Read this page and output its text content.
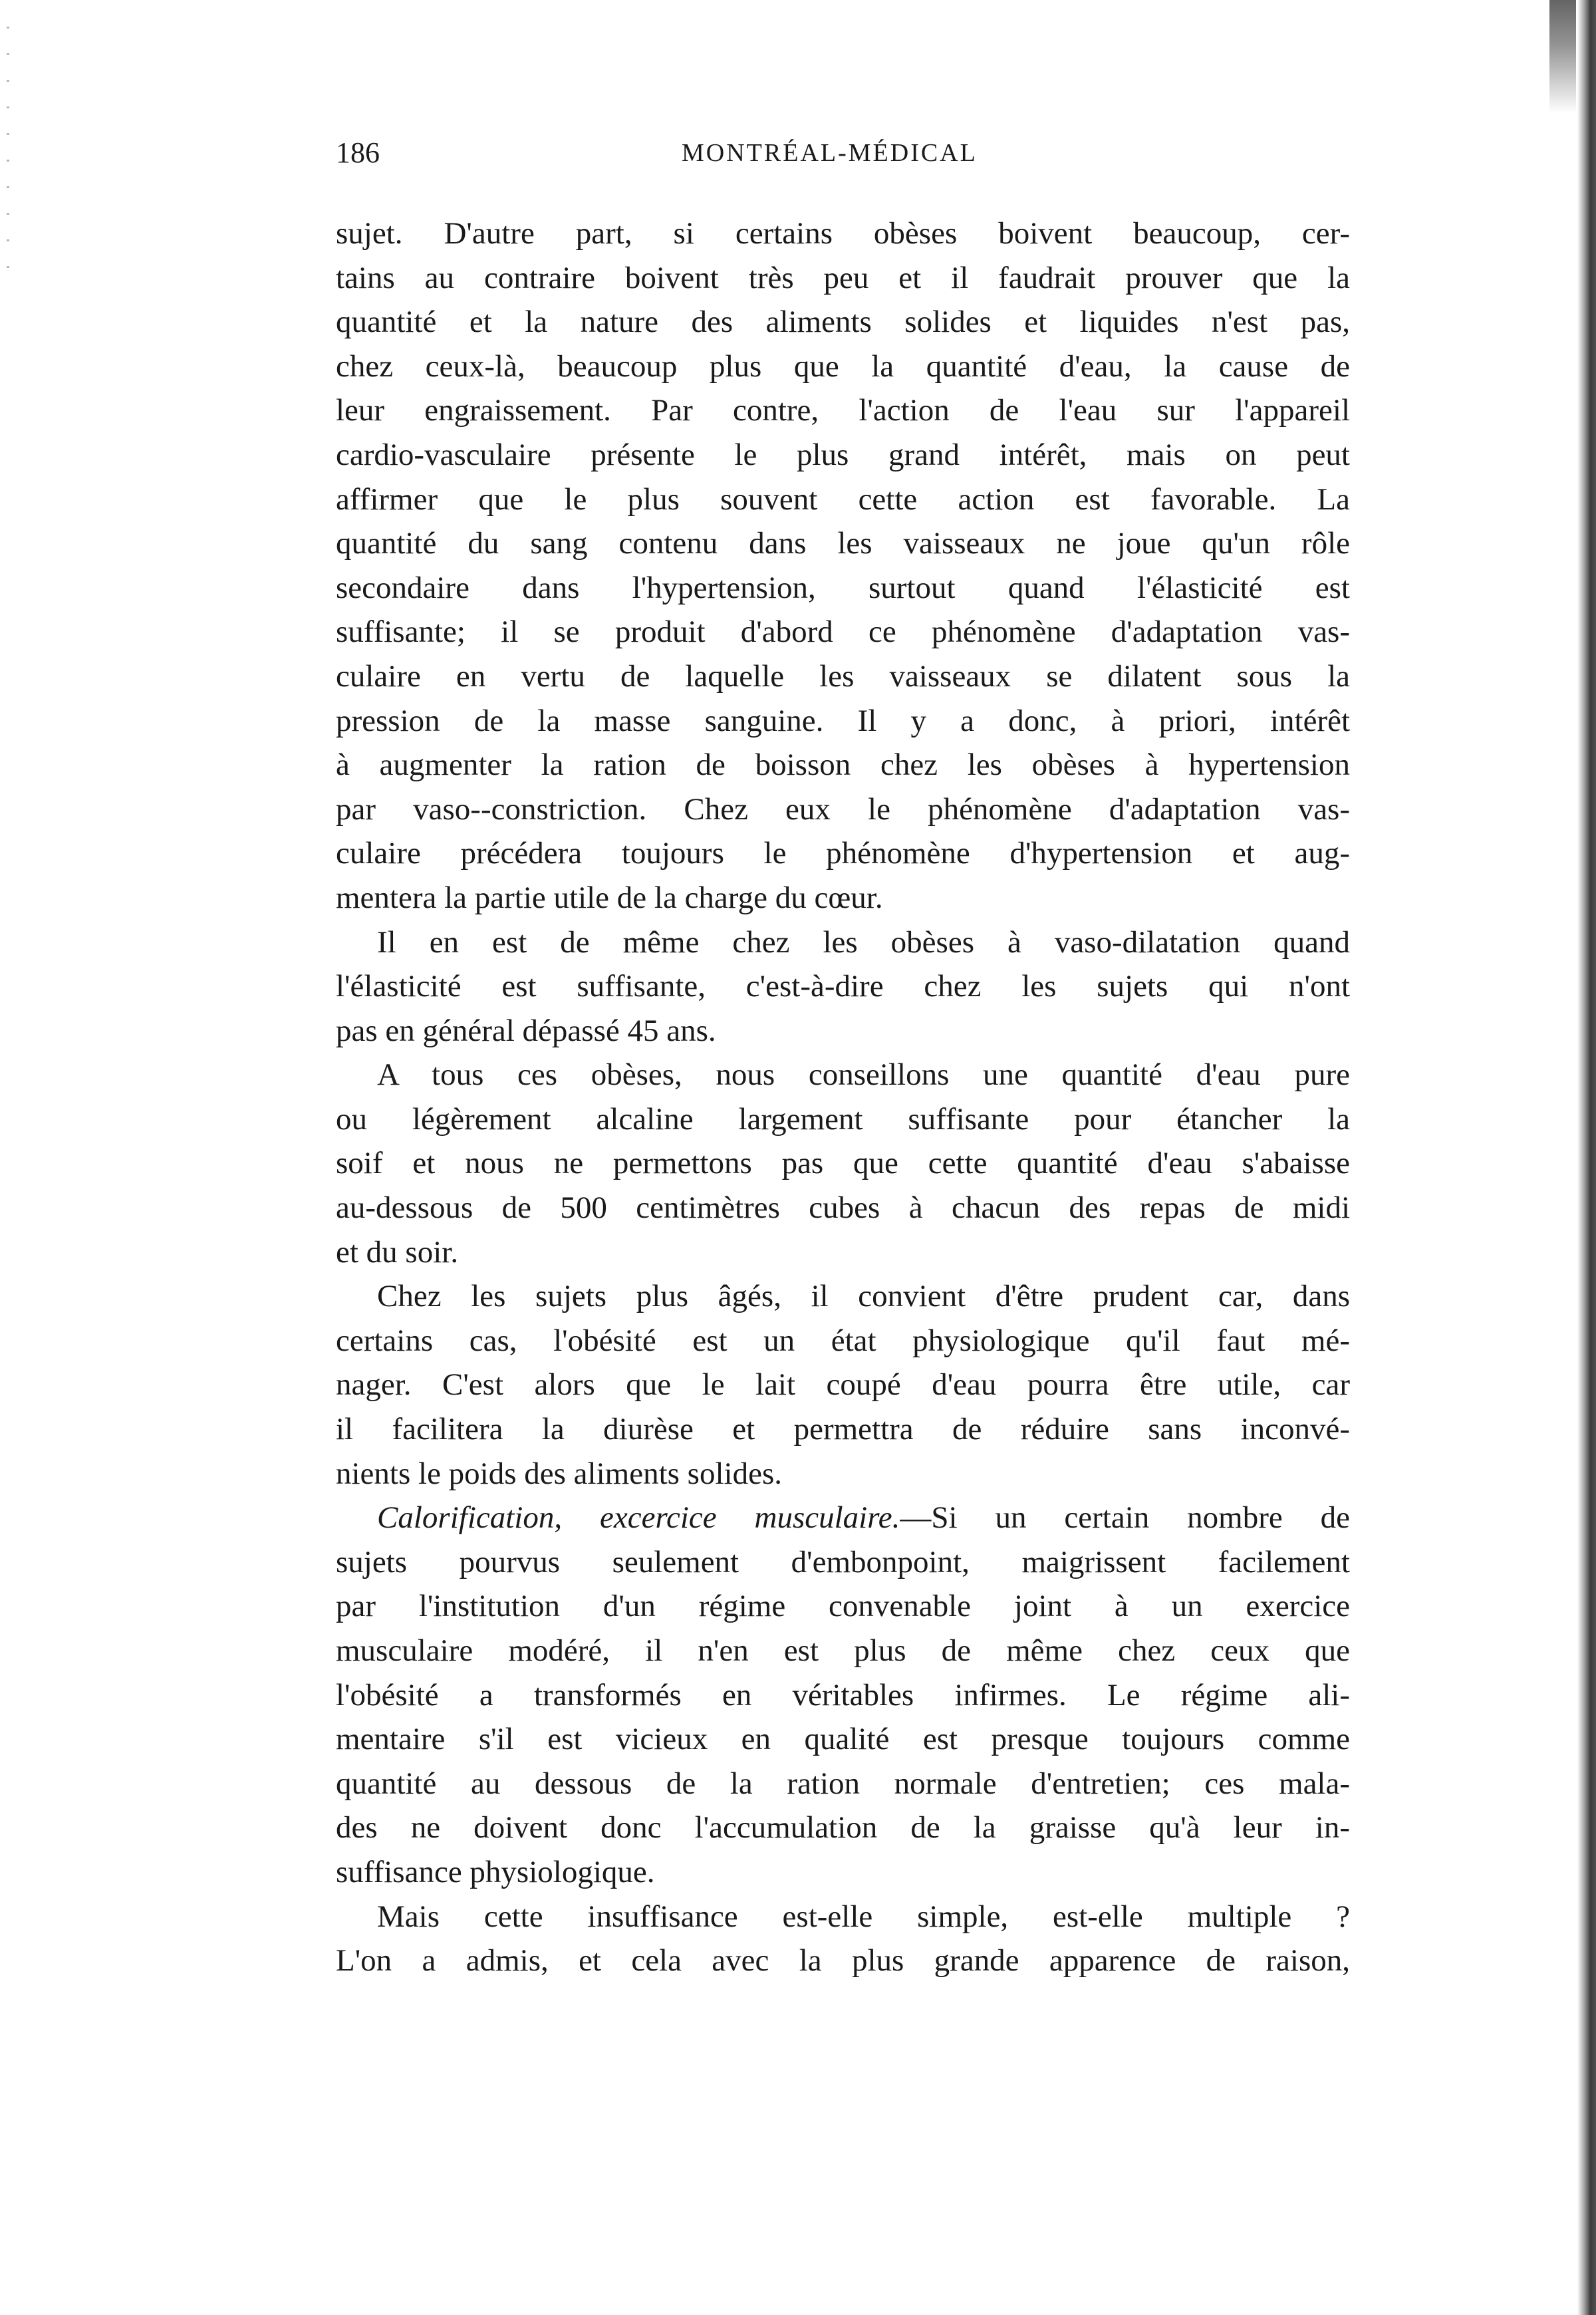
186	MONTRÉAL-MÉDICAL
sujet. D'autre part, si certains obèses boivent beaucoup, cer-
tains au contraire boivent très peu et il faudrait prouver que la
quantité et la nature des aliments solides et liquides n'est pas,
chez ceux-là, beaucoup plus que la quantité d'eau, la cause de
leur engraissement. Par contre, l'action de l'eau sur l'appareil
cardio-vasculaire présente le plus grand intérêt, mais on peut
affirmer que le plus souvent cette action est favorable. La
quantité du sang contenu dans les vaisseaux ne joue qu'un rôle
secondaire dans l'hypertension, surtout quand l'élasticité est
suffisante; il se produit d'abord ce phénomène d'adaptation vas-
culaire en vertu de laquelle les vaisseaux se dilatent sous la
pression de la masse sanguine. Il y a donc, à priori, intérêt
à augmenter la ration de boisson chez les obèses à hypertension
par vaso--constriction. Chez eux le phénomène d'adaptation vas-
culaire précédera toujours le phénomène d'hypertension et aug-
mentera la partie utile de la charge du cœur.
Il en est de même chez les obèses à vaso-dilatation quand
l'élasticité est suffisante, c'est-à-dire chez les sujets qui n'ont
pas en général dépassé 45 ans.
A tous ces obèses, nous conseillons une quantité d'eau pure
ou légèrement alcaline largement suffisante pour étancher la
soif et nous ne permettons pas que cette quantité d'eau s'abaisse
au-dessous de 500 centimètres cubes à chacun des repas de midi
et du soir.
Chez les sujets plus âgés, il convient d'être prudent car, dans
certains cas, l'obésité est un état physiologique qu'il faut mé-
nager. C'est alors que le lait coupé d'eau pourra être utile, car
il facilitera la diurèse et permettra de réduire sans inconvé-
nients le poids des aliments solides.
Calorification, excercice musculaire.—Si un certain nombre de
sujets pourvus seulement d'embonpoint, maigrissent facilement
par l'institution d'un régime convenable joint à un exercice
musculaire modéré, il n'en est plus de même chez ceux que
l'obésité a transformés en véritables infirmes. Le régime ali-
mentaire s'il est vicieux en qualité est presque toujours comme
quantité au dessous de la ration normale d'entretien; ces mala-
des ne doivent donc l'accumulation de la graisse qu'à leur in-
suffisance physiologique.
Mais cette insuffisance est-elle simple, est-elle multiple ?
L'on a admis, et cela avec la plus grande apparence de raison,
